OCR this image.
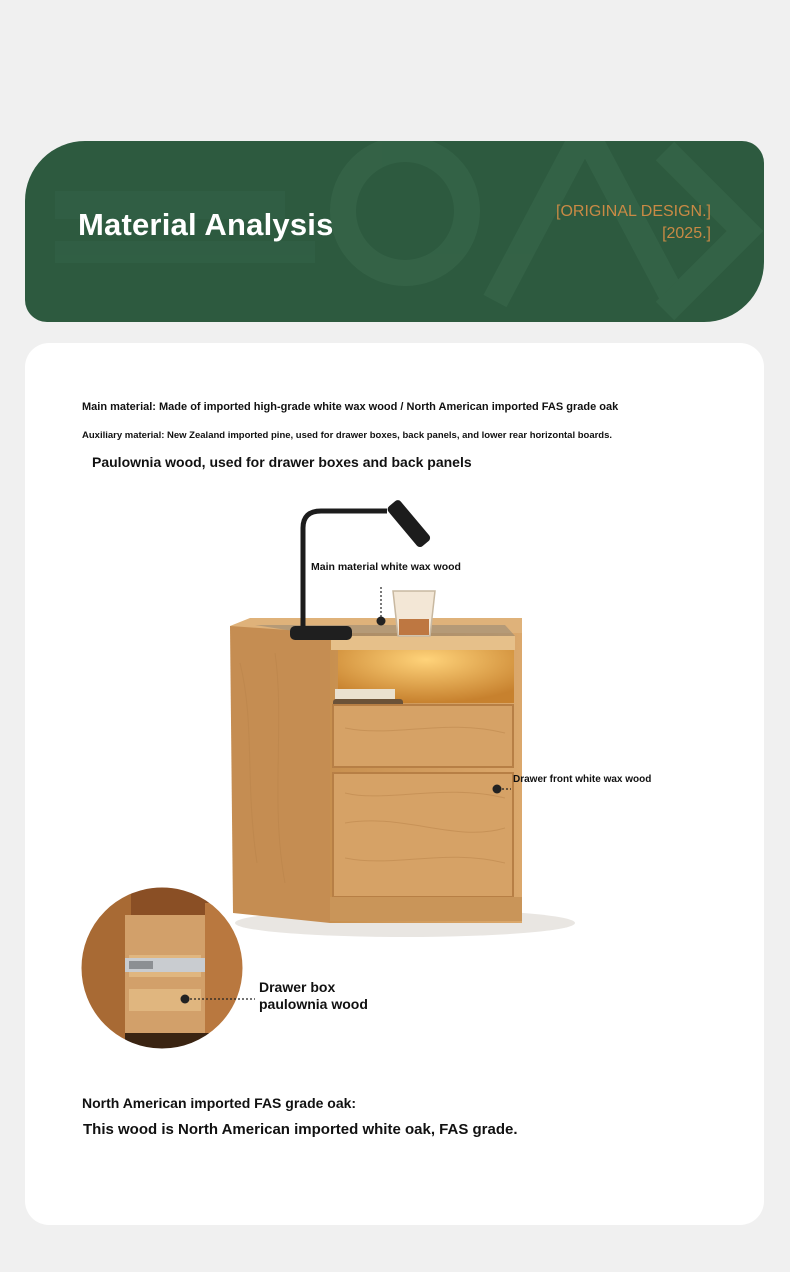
Material Analysis	[ORIGINAL DESIGN.]
[2025.]
Main material: Made of imported high-grade white wax wood / North American imported FAS grade oak
Auxiliary material: New Zealand imported pine, used for drawer boxes, back panels, and lower rear horizontal boards.
Paulownia wood, used for drawer boxes and back panels
Main material white wax wood
Drawer front white wax wood
Drawer box
paulownia wood
North American imported FAS grade oak:
This wood is North American imported white oak, FAS grade.
